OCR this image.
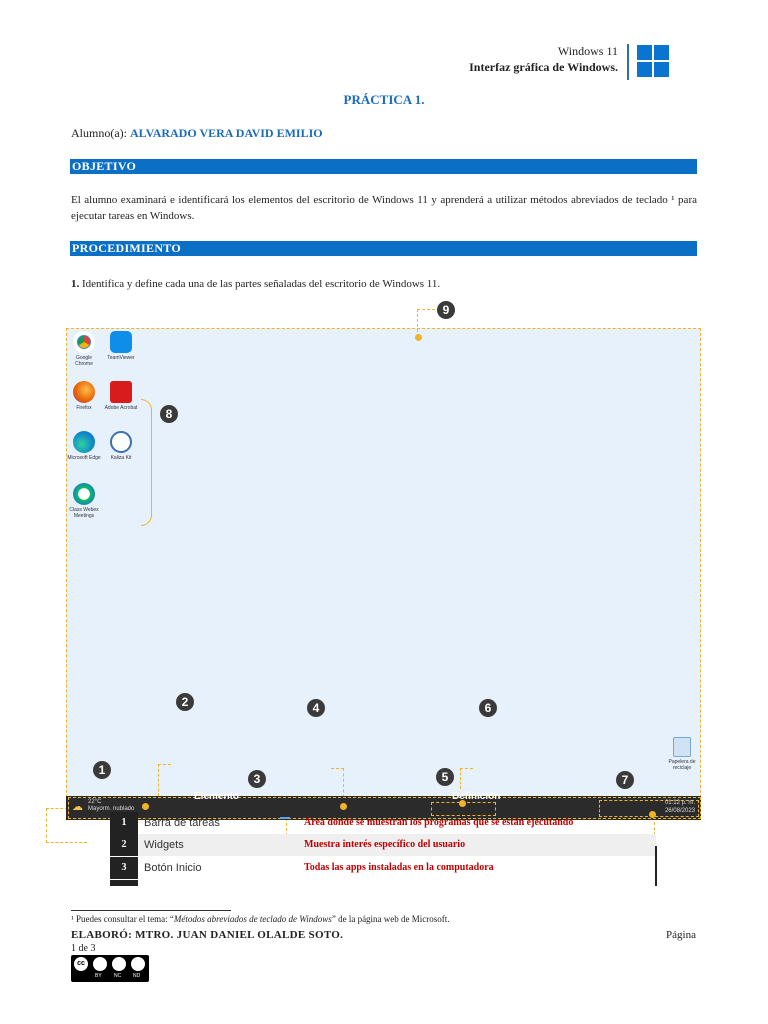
Windows 11
Interfaz gráfica de Windows.
PRÁCTICA 1.
Alumno(a): ALVARADO VERA DAVID EMILIO
OBJETIVO
El alumno examinará e identificará los elementos del escritorio de Windows 11 y aprenderá a utilizar métodos abreviados de teclado ¹ para ejecutar tareas en Windows.
PROCEDIMIENTO
1. Identifica y define cada una de las partes señaladas del escritorio de Windows 11.
Google Chrome
TeamViewer
Firefox	Adobe Acrobat
Microsoft Edge	Kaliza Kit
Class Webex Meetings
Papelera de reciclaje
9
8
2	4	6
1
3	5	7
☁ 22°C
Mayorm. nublado
01:12 p. m.
26/08/2023
Elemento	Definición
1	Barra de tareas	Área donde se muestran los programas que se están ejecutando
2	Widgets	Muestra interés específico del usuario
3	Botón Inicio	Todas las apps instaladas en la computadora
¹ Puedes consultar el tema: “Métodos abreviados de teclado de Windows” de la página web de Microsoft.
ELABORÓ: MTRO. JUAN DANIEL OLALDE SOTO.	Página
1 de 3
cc
BY NC ND
